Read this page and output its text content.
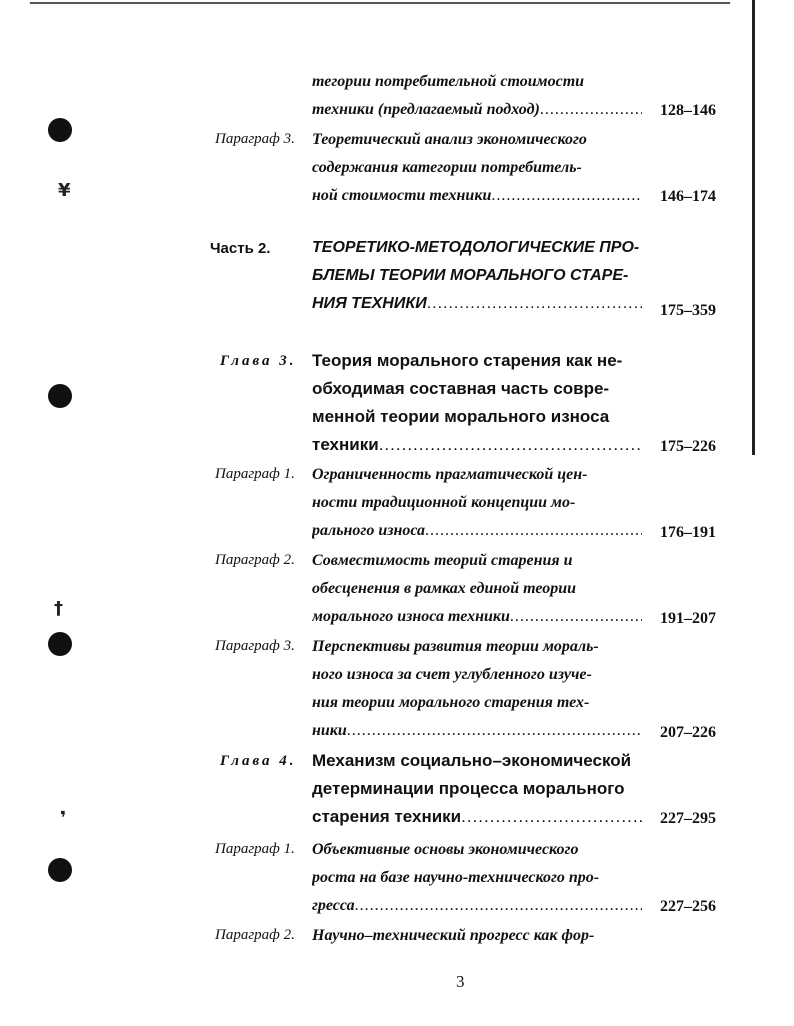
¥
†
❜
тегории потребительной стоимости
техники (предлагаемый подход) .....	128–146
Параграф 3. Теоретический анализ экономического
содержания категории потребитель-
ной стоимости техники .....	146–174
Часть 2.	ТЕОРЕТИКО-МЕТОДОЛОГИЧЕСКИЕ ПРО-
БЛЕМЫ ТЕОРИИ МОРАЛЬНОГО СТАРЕ-
НИЯ ТЕХНИКИ .....	175–359
Глава 3. Теория морального старения как не-
обходимая составная часть совре-
менной теории морального износа
техники .....	175–226
Параграф 1. Ограниченность прагматической цен-
ности традиционной концепции мо-
рального износа .....	176–191
Параграф 2. Совместимость теорий старения и
обесценения в рамках единой теории
морального износа техники .....	191–207
Параграф 3. Перспективы развития теории мораль-
ного износа за счет углубленного изуче-
ния теории морального старения тех-
ники .....	207–226
Глава 4. Механизм социально–экономической
детерминации процесса морального
старения техники .....	227–295
Параграф 1. Объективные основы экономического
роста на базе научно-технического про-
гресса .....	227–256
Параграф 2. Научно–технический прогресс как фор-
3
